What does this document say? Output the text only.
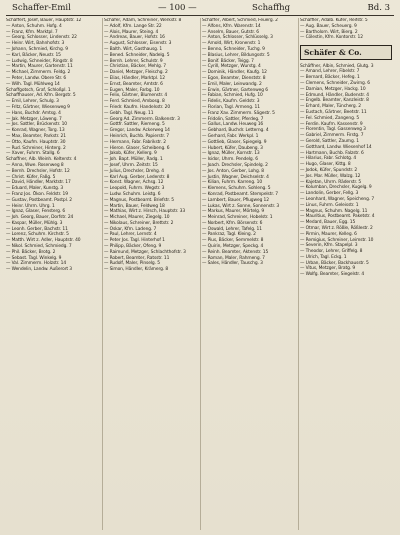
Schaffer-Emil	— 100 —	Schaffhg	Bd. 3
Schaffert, Josef, Bauer, Hauptstr. 12
— Anton, Schuhm. Hofg. 4
— Franz, Kfm. Marktpl. 7
— Georg, Schlosser, Lindenstr. 22
— Heinr. Wirt, Bahnhofstr. 3
— Johann, Schmied, Kirchg. 9
— Karl, Bäcker, Neustr. 15
— Ludwig, Schneider, Ringstr. 8
— Martin, Maurer, Gartenstr. 11
— Michael, Zimmerm. Feldg. 2
— Peter, Landw. Obere Str. 6
— Wilh. Tagl. Mühlweg 14
Schaffgotsch, Graf, Schloßpl. 1
Schaffhauser, Ad. Kfm. Bergstr. 5
— Emil, Lehrer, Schulg. 3
— Fritz, Gärtner, Wiesenweg 9
— Hans, Buchdr. Amtsg. 4
— Jak. Metzger, Löweng. 7
— Jos. Sattler, Brückenstr. 10
— Konrad, Wagner, Torg. 13
— Max, Beamter, Parkstr. 21
— Otto, Kaufm. Hauptstr. 30
— Rud. Schreiner, Hinterg. 2
— Xaver, Fuhrm. Stallg. 6
Schaffner, Alb. Weinh. Kelterstr. 4
— Anna, Wwe. Rosenweg 8
— Bernh. Drechsler, Hofstr. 12
— Christ. Küfer, Faßg. 5
— David, Händler, Marktstr. 17
— Eduard, Maler, Kunstg. 3
— Franz Jos. Ökon. Feldstr. 19
— Gustav, Postbeamt. Postpl. 2
— Heinr. Uhrm. Uhrg. 1
— Ignaz, Glaser, Fensterg. 6
— Joh. Georg, Bauer, Dorfstr. 24
— Kaspar, Müller, Mühlg. 3
— Leonh. Gerber, Bachstr. 11
— Lorenz, Schuhm. Kirchstr. 5
— Matth. Wirt z. Adler, Hauptstr. 40
— Nikol. Schmied, Schmiedg. 7
— Phil. Bäcker, Brotg. 2
— Sebast. Tagl. Winkelg. 9
— Val. Zimmerm. Holzstr. 14
— Wendelin, Landw. Außerort 3
Schäfer, Adam, Schreiner, Werkstr. 8
— Adolf, Kfm. Lange Str. 22
— Alois, Maurer, Steing. 4
— Andreas, Bauer, Hofstr. 16
— August, Schlosser, Eisenstr. 3
— Balth. Wirt, Gasthausg. 1
— Bened. Schneider, Nadelg. 5
— Bernh. Lehrer, Schulstr. 9
— Christian, Bäcker, Mehlg. 7
— Daniel, Metzger, Fleischg. 2
— Elias, Händler, Marktpl. 12
— Ernst, Beamter, Amtstr. 6
— Eugen, Maler, Farbg. 10
— Felix, Gärtner, Blumenstr. 4
— Ferd. Schmied, Ambosg. 8
— Friedr. Kaufm. Handelsstr. 20
— Gebh. Tagl. Neug. 11
— Georg Ad. Zimmerm. Balkenstr. 3
— Gottfr. Sattler, Riemeng. 5
— Gregor, Landw. Ackerweg 14
— Heinrich, Buchb. Papierstr. 7
— Hermann, Fabr. Fabrikstr. 2
— Hieron. Glaser, Scheibeng. 6
— Jakob, Küfer, Kellerg. 9
— Joh. Bapt. Müller, Radg. 1
— Josef, Uhrm. Zeitstr. 15
— Julius, Drechsler, Drehg. 4
— Karl Aug. Gerber, Lederstr. 8
— Konst. Wagner, Achsg. 12
— Leopold, Fuhrm. Wegstr. 3
— Ludw. Schuhm. Leistg. 6
— Magnus, Postbeamt. Briefstr. 5
— Martin, Bauer, Feldweg 18
— Mathias, Wirt z. Hirsch, Hauptstr. 33
— Michael, Maurer, Ziegelg. 10
— Nikolaus, Schreiner, Brettstr. 2
— Oskar, Kfm. Ladeng. 7
— Paul, Lehrer, Lernstr. 4
— Peter Jos. Tagl. Hinterhof 1
— Philipp, Bäcker, Ofeng. 9
— Raimund, Metzger, Schlachthofstr. 3
— Robert, Beamter, Ratsstr. 11
— Rudolf, Maler, Pinselg. 5
— Simon, Händler, Krämerg. 8
Schäffer, Albert, Schmied, Feuerg. 2
— Alfons, Kfm. Warenstr. 14
— Anselm, Bauer, Gutstr. 6
— Anton, Schlosser, Schlüsselg. 3
— Arnold, Wirt, Kronenstr. 1
— Benno, Schneider, Tuchg. 9
— Blasius, Lehrer, Bildungsstr. 5
— Bonif. Bäcker, Teigg. 7
— Cyrill, Metzger, Wurstg. 4
— Dominik, Händler, Kaufg. 12
— Egon, Beamter, Dienststr. 8
— Emil, Maler, Leinwandg. 2
— Erwin, Gärtner, Gartenweg 6
— Fabian, Schmied, Hufg. 10
— Fidelis, Kaufm. Geldstr. 3
— Florian, Tagl. Armeng. 11
— Franz Xav. Zimmerm. Sägestr. 5
— Fridolin, Sattler, Pferdeg. 7
— Gallus, Landw. Heuweg 16
— Gebhard, Buchdr. Letterng. 4
— Gerhard, Fabr. Werkpl. 1
— Gottlieb, Glaser, Spiegelg. 9
— Hubert, Küfer, Daubeng. 3
— Ignaz, Müller, Kornstr. 13
— Isidor, Uhrm. Pendelg. 6
— Joach. Drechsler, Spindelg. 2
— Jos. Anton, Gerber, Lohg. 8
— Justin, Wagner, Deichselstr. 4
— Kilian, Fuhrm. Karreng. 10
— Klemens, Schuhm. Sohleng. 5
— Konrad, Postbeamt. Stempelstr. 7
— Lambert, Bauer, Pflugweg 12
— Lukas, Wirt z. Sonne, Sonnenstr. 3
— Markus, Maurer, Mörtelg. 9
— Meinrad, Schreiner, Hobelstr. 1
— Norbert, Kfm. Börsenstr. 6
— Oswald, Lehrer, Tafelg. 11
— Pankraz, Tagl. Kleing. 2
— Pius, Bäcker, Semmelstr. 8
— Quirin, Metzger, Speckg. 4
— Reinh. Beamter, Aktenstr. 15
— Roman, Maler, Rahmeng. 7
— Sales, Händler, Tauschg. 3
Schäffler, Adalb. Küfer, Reifstr. 5
— Aug. Bauer, Scheuerg. 9
— Bartholom. Wirt, Bierg. 2
— Cölestin, Kfm. Kontorstr. 12
Schäfer & Co.
Schäffner, Albin, Schmied, Glutg. 3
— Amand, Lehrer, Fibelstr. 7
— Bernard, Bäcker, Hefeg. 1
— Clemens, Schneider, Zwirng. 6
— Damian, Metzger, Hackg. 10
— Edmund, Händler, Budenstr. 4
— Engelb. Beamter, Kanzleistr. 8
— Erhard, Maler, Tüncherg. 2
— Eustach, Gärtner, Beetstr. 11
— Fel. Schmied, Zangeng. 5
— Ferdin. Kaufm. Kassenstr. 9
— Florentin, Tagl. Gassenweg 3
— Gabriel, Zimmerm. Firstg. 7
— Gerold, Sattler, Zaumg. 1
— Gotthard, Landw. Wiesenhof 14
— Hartmann, Buchb. Falzstr. 6
— Hilarius, Fabr. Schlotg. 4
— Hugo, Glaser, Kittg. 8
— Jodok, Küfer, Spundstr. 2
— Jos. Mar. Müller, Walzg. 12
— Kajetan, Uhrm. Räderstr. 5
— Kolumban, Drechsler, Kugelg. 9
— Landolin, Gerber, Fellg. 3
— Leonhard, Wagner, Speicheng. 7
— Linus, Fuhrm. Geleisstr. 1
— Magnus, Schuhm. Nagelg. 11
— Mauritius, Postbeamt. Paketstr. 4
— Medard, Bauer, Egg. 15
— Otmar, Wirt z. Rößle, Rößlestr. 2
— Pirmin, Maurer, Kelleg. 6
— Remigius, Schreiner, Leimstr. 10
— Severin, Kfm. Stapelpl. 3
— Theodor, Lehrer, Griffelg. 8
— Ulrich, Tagl. Eckg. 1
— Urban, Bäcker, Backhausstr. 5
— Vitus, Metzger, Bratg. 9
— Wolfg. Beamter, Siegelstr. 4
